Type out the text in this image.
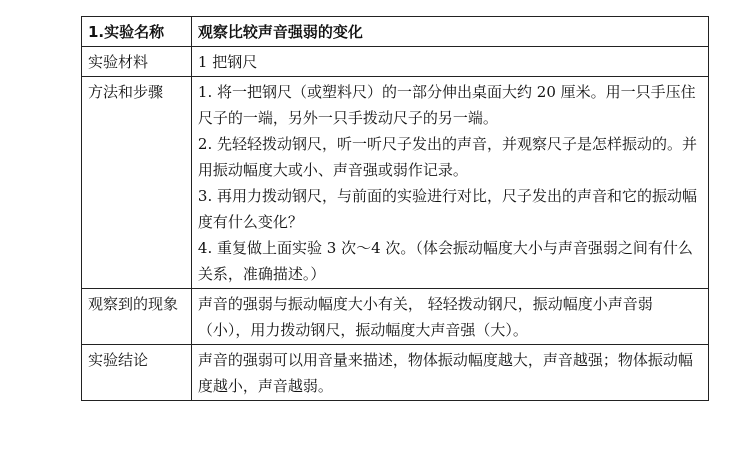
1.实验名称	观察比较声音强弱的变化
实验材料	1 把钢尺
方法和步骤	1. 将一把钢尺（或塑料尺）的一部分伸出桌面大约 20 厘米。用一只手压住尺子的一端，另外一只手拨动尺子的另一端。
2. 先轻轻拨动钢尺，听一听尺子发出的声音，并观察尺子是怎样振动的。并用振动幅度大或小、声音强或弱作记录。
3. 再用力拨动钢尺，与前面的实验进行对比，尺子发出的声音和它的振动幅度有什么变化？
4. 重复做上面实验 3 次～4 次。（体会振动幅度大小与声音强弱之间有什么关系，准确描述。）

观察到的现象	声音的强弱与振动幅度大小有关， 轻轻拨动钢尺，振动幅度小声音弱（小），用力拨动钢尺，振动幅度大声音强（大）。
实验结论	声音的强弱可以用音量来描述，物体振动幅度越大，声音越强；物体振动幅度越小，声音越弱。
